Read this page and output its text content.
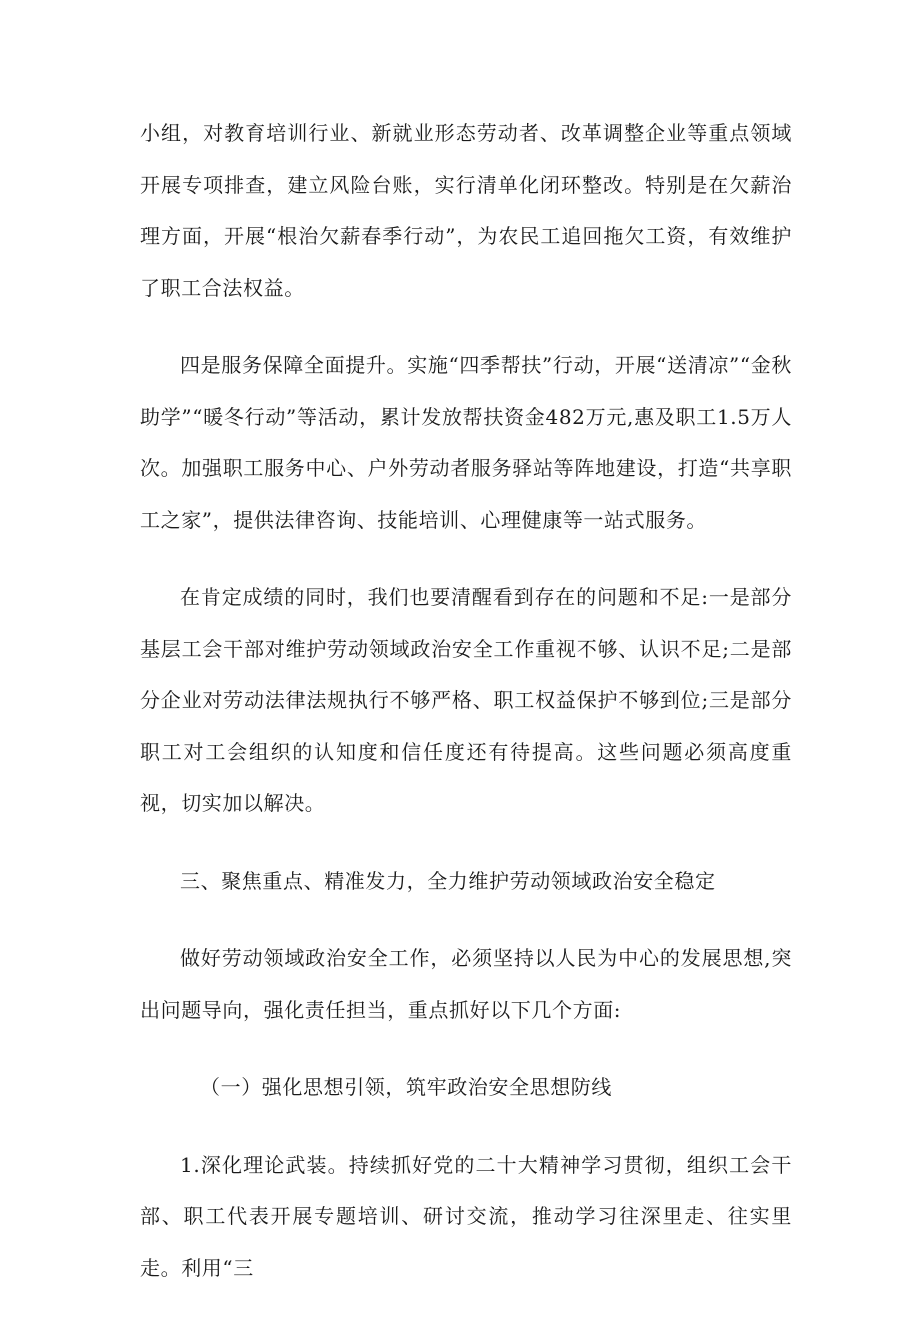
小组，对教育培训行业、新就业形态劳动者、改革调整企业等重点领域开展专项排查，建立风险台账，实行清单化闭环整改。特别是在欠薪治理方面，开展“根治欠薪春季行动”，为农民工追回拖欠工资，有效维护了职工合法权益。

四是服务保障全面提升。实施“四季帮扶”行动，开展“送清凉”“金秋助学”“暖冬行动”等活动，累计发放帮扶资金482万元,惠及职工1.5万人次。加强职工服务中心、户外劳动者服务驿站等阵地建设，打造“共享职工之家”，提供法律咨询、技能培训、心理健康等一站式服务。

在肯定成绩的同时，我们也要清醒看到存在的问题和不足:一是部分基层工会干部对维护劳动领域政治安全工作重视不够、认识不足;二是部分企业对劳动法律法规执行不够严格、职工权益保护不够到位;三是部分职工对工会组织的认知度和信任度还有待提高。这些问题必须高度重视，切实加以解决。

三、聚焦重点、精准发力，全力维护劳动领域政治安全稳定

做好劳动领域政治安全工作，必须坚持以人民为中心的发展思想,突出问题导向，强化责任担当，重点抓好以下几个方面:

（一）强化思想引领，筑牢政治安全思想防线

1.深化理论武装。持续抓好党的二十大精神学习贯彻，组织工会干部、职工代表开展专题培训、研讨交流，推动学习往深里走、往实里走。利用“三
